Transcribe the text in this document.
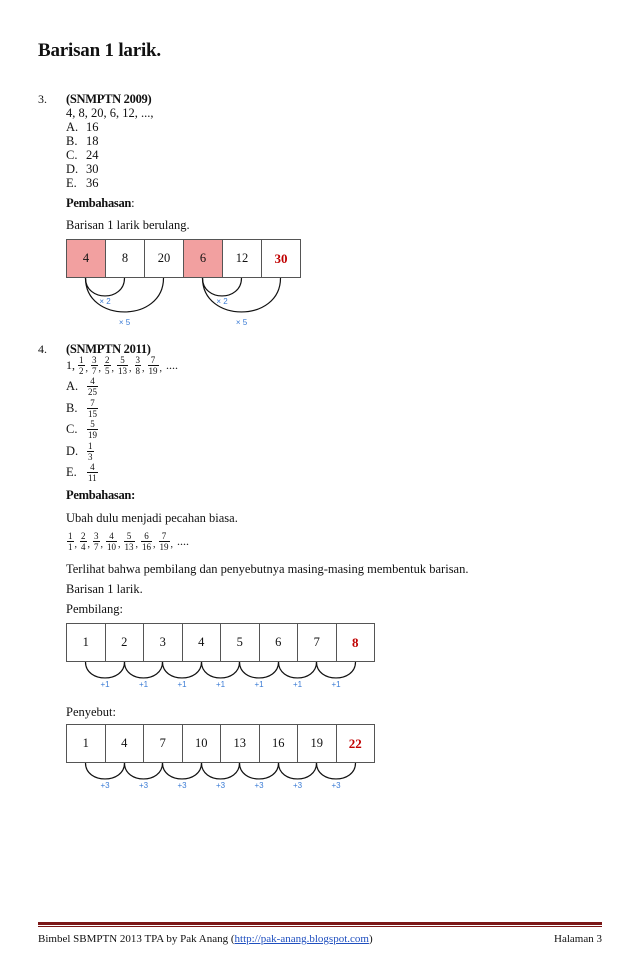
Barisan 1 larik.
3. (SNMPTN 2009)
4, 8, 20, 6, 12, ...,
A. 16
B. 18
C. 24
D. 30
E. 36
Pembahasan:
Barisan 1 larik berulang.
4	8	20	6	12	30
× 2
× 5
× 2
× 5
+1	+1	+1	+1	+1	+1	+1
+3	+3	+3	+3	+3	+3	+3
4. (SNMPTN 2011)
1, $\frac{1}{2}$ , $\frac{3}{7}$ , $\frac{2}{5}$ , $\frac{5}{13}$ , $\frac{3}{8}$ , $\frac{7}{19}$ , ....
A. $\frac{4}{25}$
B.	$\frac{7}{15}$
C.	$\frac{5}{19}$
D. $\frac{1}{3}$
E.	$\frac{4}{11}$
Pembahasan:
Ubah dulu menjadi pecahan biasa.
$\frac{1}{1}$ , $\frac{2}{4}$ , $\frac{3}{7}$ , $\frac{4}{10}$ , $\frac{5}{13}$ , $\frac{6}{16}$ , $\frac{7}{19}$ , ....
Terlihat bahwa pembilang dan penyebutnya masing-masing membentuk barisan.
Barisan 1 larik.
Pembilang:
1	2	3	4	5	6	7	8
Penyebut:
1	4	7	10	13	16	19	22
Bimbel SBMPTN 2013 TPA by Pak Anang (http://pak-anang.blogspot.com)	Halaman 3
